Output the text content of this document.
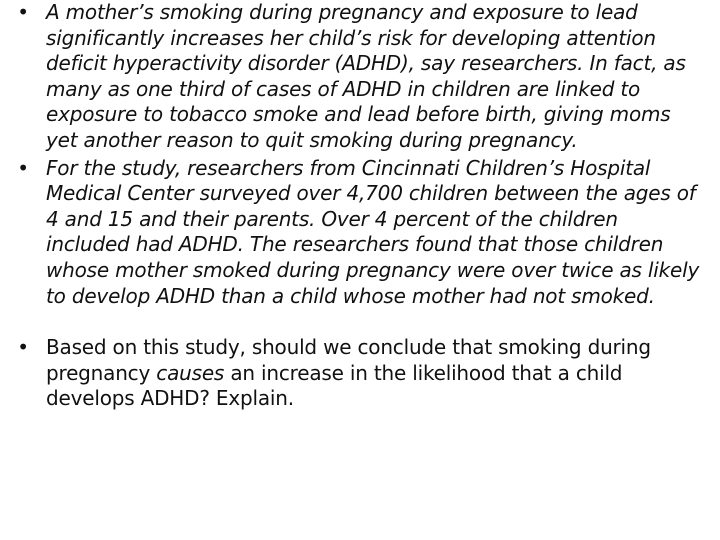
• A mother’s smoking during pregnancy and exposure to lead significantly increases her child’s risk for developing attention deficit hyperactivity disorder (ADHD), say researchers. In fact, as many as one third of cases of ADHD in children are linked to exposure to tobacco smoke and lead before birth, giving moms yet another reason to quit smoking during pregnancy.
• For the study, researchers from Cincinnati Children’s Hospital Medical Center surveyed over 4,700 children between the ages of 4 and 15 and their parents. Over 4 percent of the children included had ADHD. The researchers found that those children whose mother smoked during pregnancy were over twice as likely to develop ADHD than a child whose mother had not smoked.
• Based on this study, should we conclude that smoking during pregnancy causes an increase in the likelihood that a child develops ADHD? Explain.
